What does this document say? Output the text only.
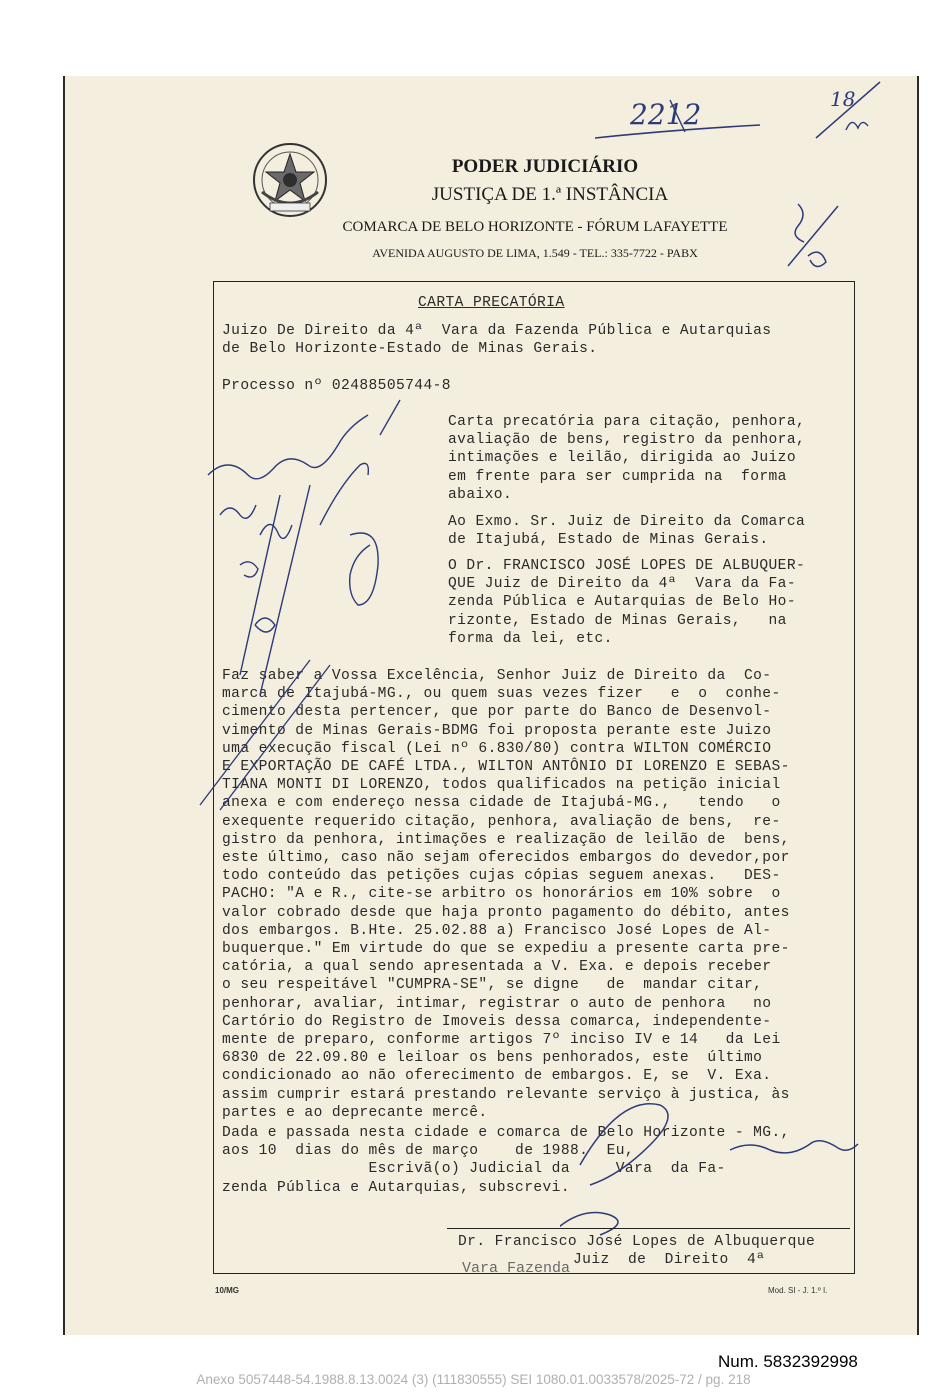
PODER JUDICIÁRIO
JUSTIÇA DE 1.ª INSTÂNCIA
COMARCA DE BELO HORIZONTE - FÓRUM LAFAYETTE
AVENIDA AUGUSTO DE LIMA, 1.549 - TEL.: 335-7722 - PABX
2212	18
CARTA PRECATÓRIA
Juizo De Direito da 4ª  Vara da Fazenda Pública e Autarquias
de Belo Horizonte-Estado de Minas Gerais.
Processo nº 02488505744-8
Carta precatória para citação, penhora,
avaliação de bens, registro da penhora,
intimações e leilão, dirigida ao Juizo
em frente para ser cumprida na  forma
abaixo.
Ao Exmo. Sr. Juiz de Direito da Comarca
de Itajubá, Estado de Minas Gerais.
O Dr. FRANCISCO JOSÉ LOPES DE ALBUQUER-
QUE Juiz de Direito da 4ª  Vara da Fa-
zenda Pública e Autarquias de Belo Ho-
rizonte, Estado de Minas Gerais,   na
forma da lei, etc.
Faz saber a Vossa Excelência, Senhor Juiz de Direito da  Co-
marca de Itajubá-MG., ou quem suas vezes fizer   e  o  conhe-
cimento desta pertencer, que por parte do Banco de Desenvol-
vimento de Minas Gerais-BDMG foi proposta perante este Juizo
uma execução fiscal (Lei nº 6.830/80) contra WILTON COMÉRCIO
E EXPORTAÇÃO DE CAFÉ LTDA., WILTON ANTÔNIO DI LORENZO E SEBAS-
TIANA MONTI DI LORENZO, todos qualificados na petição inicial
anexa e com endereço nessa cidade de Itajubá-MG.,   tendo   o
exequente requerido citação, penhora, avaliação de bens,  re-
gistro da penhora, intimações e realização de leilão de  bens,
este último, caso não sejam oferecidos embargos do devedor,por
todo conteúdo das petições cujas cópias seguem anexas.   DES-
PACHO: "A e R., cite-se arbitro os honorários em 10% sobre  o
valor cobrado desde que haja pronto pagamento do débito, antes
dos embargos. B.Hte. 25.02.88 a) Francisco José Lopes de Al-
buquerque." Em virtude do que se expediu a presente carta pre-
catória, a qual sendo apresentada a V. Exa. e depois receber
o seu respeitável "CUMPRA-SE", se digne   de  mandar citar,
penhorar, avaliar, intimar, registrar o auto de penhora   no
Cartório do Registro de Imoveis dessa comarca, independente-
mente de preparo, conforme artigos 7º inciso IV e 14   da Lei
6830 de 22.09.80 e leiloar os bens penhorados, este  último
condicionado ao não oferecimento de embargos. E, se  V. Exa.
assim cumprir estará prestando relevante serviço à justica, às
partes e ao deprecante mercê.
Dada e passada nesta cidade e comarca de Belo Horizonte - MG.,
aos 10  dias do mês de março    de 1988.  Eu,
Escrivã(o) Judicial da     Vara  da Fa-
zenda Pública e Autarquias, subscrevi.
Dr. Francisco José Lopes de Albuquerque
Juiz  de  Direito  4ª
Vara Fazenda
10/MG	Mod. SI - J. 1.º I.
Num. 5832392998
Anexo 5057448-54.1988.8.13.0024 (3) (111830555) SEI 1080.01.0033578/2025-72 / pg. 218
